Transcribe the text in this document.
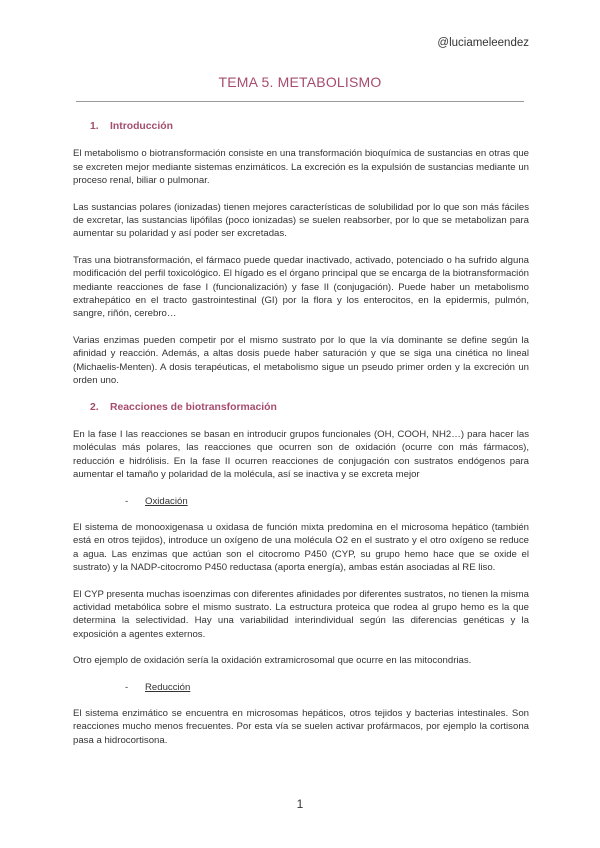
@luciameleendez
TEMA 5. METABOLISMO
1. Introducción

El metabolismo o biotransformación consiste en una transformación bioquímica de sustancias en otras que se excreten mejor mediante sistemas enzimáticos. La excreción es la expulsión de sustancias mediante un proceso renal, biliar o pulmonar.

Las sustancias polares (ionizadas) tienen mejores características de solubilidad por lo que son más fáciles de excretar, las sustancias lipófilas (poco ionizadas) se suelen reabsorber, por lo que se metabolizan para aumentar su polaridad y así poder ser excretadas.

Tras una biotransformación, el fármaco puede quedar inactivado, activado, potenciado o ha sufrido alguna modificación del perfil toxicológico. El hígado es el órgano principal que se encarga de la biotransformación mediante reacciones de fase I (funcionalización) y fase II (conjugación). Puede haber un metabolismo extrahepático en el tracto gastrointestinal (GI) por la flora y los enterocitos, en la epidermis, pulmón, sangre, riñón, cerebro…

Varias enzimas pueden competir por el mismo sustrato por lo que la vía dominante se define según la afinidad y reacción. Además, a altas dosis puede haber saturación y que se siga una cinética no lineal (Michaelis-Menten). A dosis terapéuticas, el metabolismo sigue un pseudo primer orden y la excreción un orden uno.

2. Reacciones de biotransformación

En la fase I las reacciones se basan en introducir grupos funcionales (OH, COOH, NH2…) para hacer las moléculas más polares, las reacciones que ocurren son de oxidación (ocurre con más fármacos), reducción e hidrólisis. En la fase II ocurren reacciones de conjugación con sustratos endógenos para aumentar el tamaño y polaridad de la molécula, así se inactiva y se excreta mejor

- Oxidación

El sistema de monooxigenasa u oxidasa de función mixta predomina en el microsoma hepático (también está en otros tejidos), introduce un oxígeno de una molécula O2 en el sustrato y el otro oxígeno se reduce a agua. Las enzimas que actúan son el citocromo P450 (CYP, su grupo hemo hace que se oxide el sustrato) y la NADP-citocromo P450 reductasa (aporta energía), ambas están asociadas al RE liso.

El CYP presenta muchas isoenzimas con diferentes afinidades por diferentes sustratos, no tienen la misma actividad metabólica sobre el mismo sustrato. La estructura proteica que rodea al grupo hemo es la que determina la selectividad. Hay una variabilidad interindividual según las diferencias genéticas y la exposición a agentes externos.

Otro ejemplo de oxidación sería la oxidación extramicrosomal que ocurre en las mitocondrias.

- Reducción

El sistema enzimático se encuentra en microsomas hepáticos, otros tejidos y bacterias intestinales. Son reacciones mucho menos frecuentes. Por esta vía se suelen activar profármacos, por ejemplo la cortisona pasa a hidrocortisona.

1
